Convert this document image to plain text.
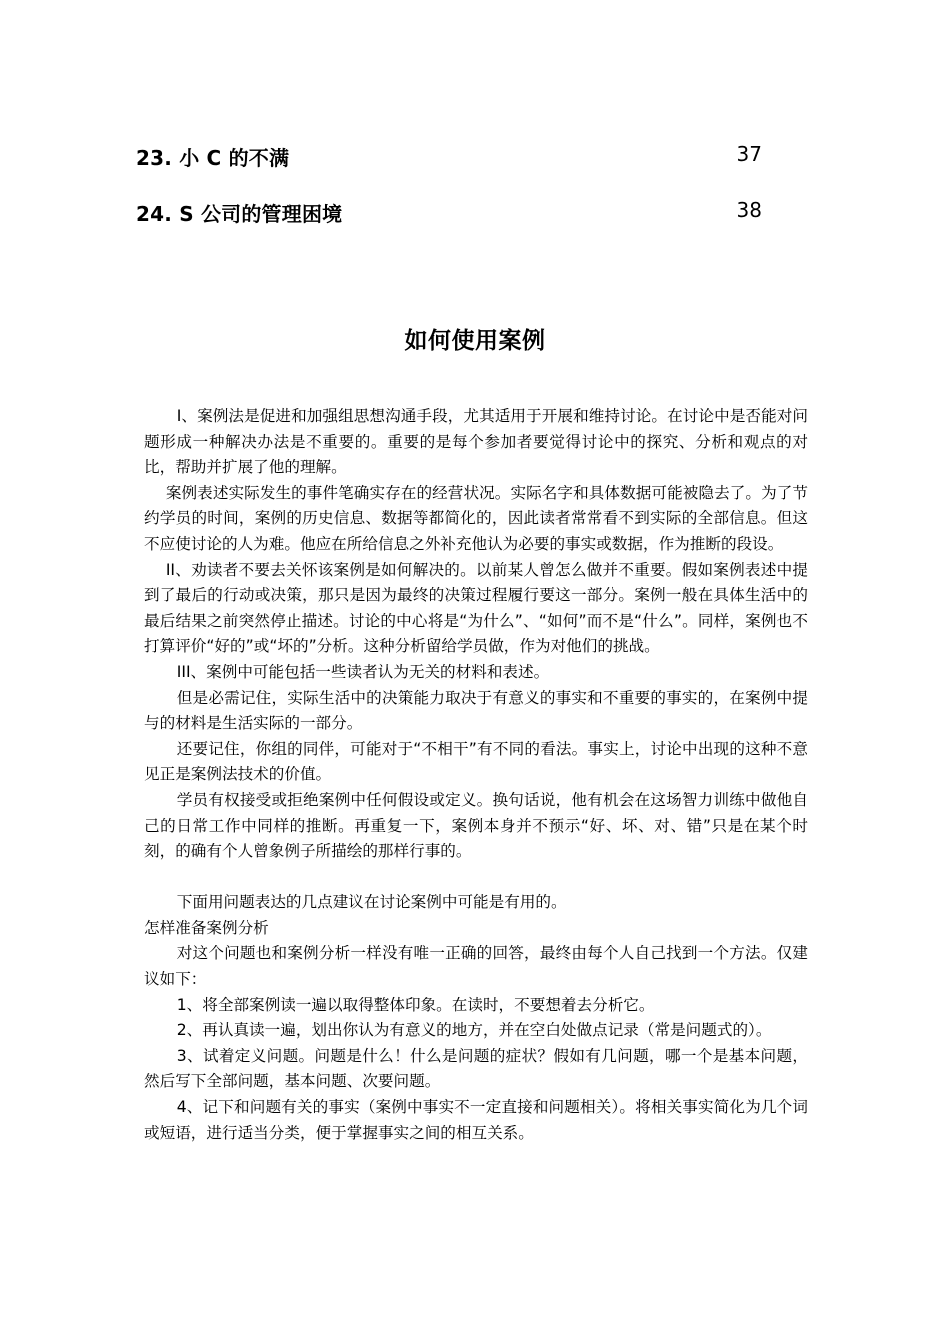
23. 小 C 的不满	37
24. S 公司的管理困境	38
如何使用案例

I、案例法是促进和加强组思想沟通手段，尤其适用于开展和维持讨论。在讨论中是否能对问题形成一种解决办法是不重要的。重要的是每个参加者要觉得讨论中的探究、分析和观点的对比，帮助并扩展了他的理解。

案例表述实际发生的事件笔确实存在的经营状况。实际名字和具体数据可能被隐去了。为了节约学员的时间，案例的历史信息、数据等都简化的，因此读者常常看不到实际的全部信息。但这不应使讨论的人为难。他应在所给信息之外补充他认为必要的事实或数据，作为推断的段设。

II、劝读者不要去关怀该案例是如何解决的。以前某人曾怎么做并不重要。假如案例表述中提到了最后的行动或决策，那只是因为最终的决策过程履行要这一部分。案例一般在具体生活中的最后结果之前突然停止描述。讨论的中心将是“为什么”、“如何”而不是“什么”。同样，案例也不打算评价“好的”或“坏的”分析。这种分析留给学员做，作为对他们的挑战。

III、案例中可能包括一些读者认为无关的材料和表述。

但是必需记住，实际生活中的决策能力取决于有意义的事实和不重要的事实的，在案例中提与的材料是生活实际的一部分。

还要记住，你组的同伴，可能对于“不相干”有不同的看法。事实上，讨论中出现的这种不意见正是案例法技术的价值。

学员有权接受或拒绝案例中任何假设或定义。换句话说，他有机会在这场智力训练中做他自己的日常工作中同样的推断。再重复一下，案例本身并不预示“好、坏、对、错”只是在某个时刻，的确有个人曾象例子所描绘的那样行事的。

下面用问题表达的几点建议在讨论案例中可能是有用的。

怎样准备案例分析

对这个问题也和案例分析一样没有唯一正确的回答，最终由每个人自己找到一个方法。仅建议如下：

1、将全部案例读一遍以取得整体印象。在读时，不要想着去分析它。

2、再认真读一遍，划出你认为有意义的地方，并在空白处做点记录（常是问题式的）。

3、试着定义问题。问题是什么！什么是问题的症状？假如有几问题，哪一个是基本问题，然后写下全部问题，基本问题、次要问题。

4、记下和问题有关的事实（案例中事实不一定直接和问题相关）。将相关事实简化为几个词或短语，进行适当分类，便于掌握事实之间的相互关系。
